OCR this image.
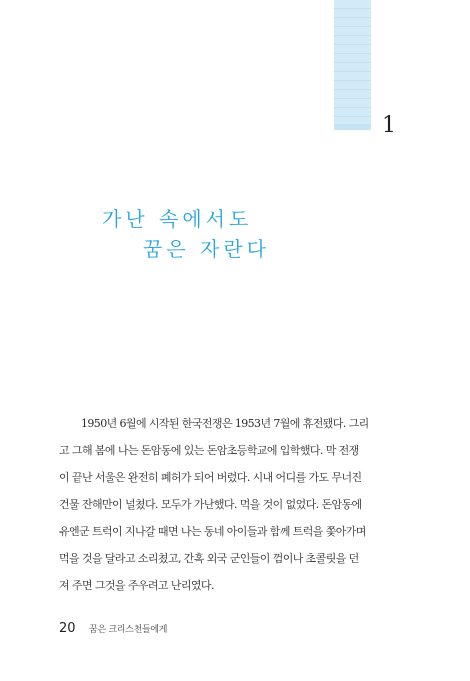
1
가난 속에서도
꿈은 자란다
1950년 6월에 시작된 한국전쟁은 1953년 7월에 휴전됐다. 그리
고 그해 봄에 나는 돈암동에 있는 돈암초등학교에 입학했다. 막 전쟁
이 끝난 서울은 완전히 폐허가 되어 버렸다. 시내 어디를 가도 무너진
건물 잔해만이 널쳤다. 모두가 가난했다. 먹을 것이 없었다. 돈암동에
유엔군 트럭이 지나갈 때면 나는 동네 아이들과 함께 트럭을 쫓아가며
먹을 것을 달라고 소리쳤고, 간혹 외국 군인들이 껌이나 초콜릿을 던
져 주면 그것을 주우려고 난리였다.
20 꿈은 크리스천들에게
